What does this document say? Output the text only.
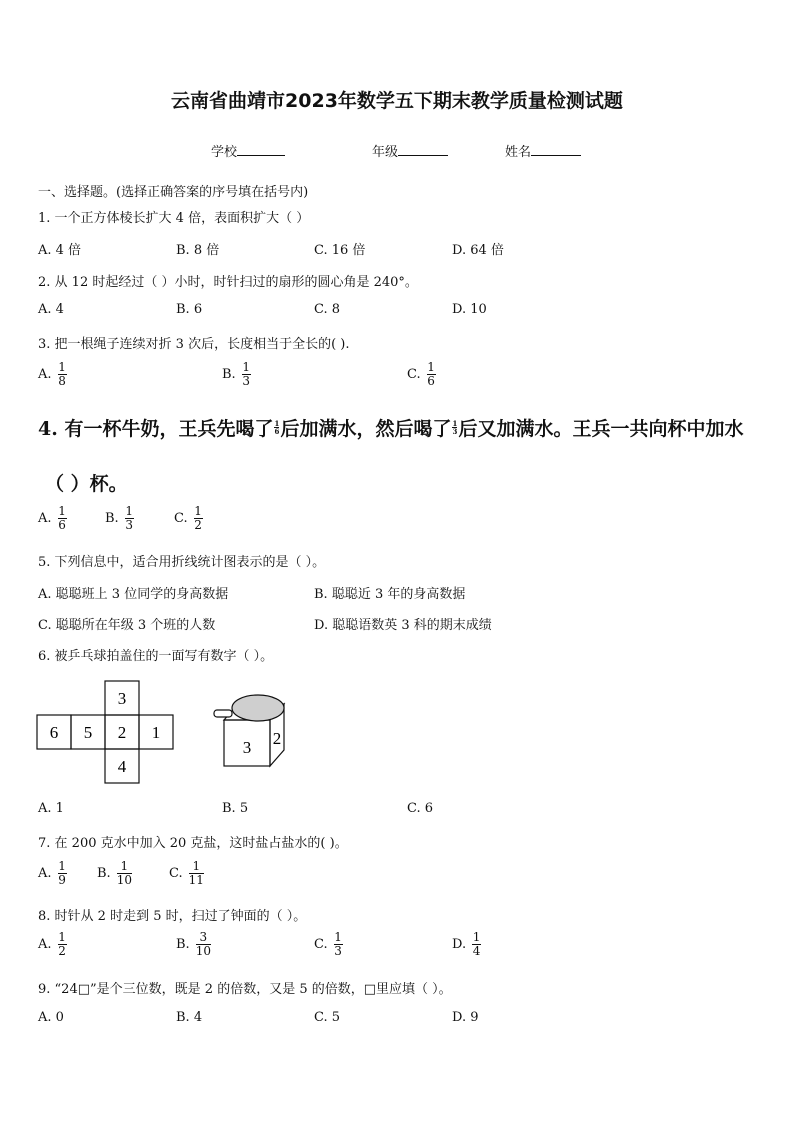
云南省曲靖市2023年数学五下期末教学质量检测试题
学校	年级	姓名
一、选择题。(选择正确答案的序号填在括号内)
1. 一个正方体棱长扩大 4 倍，表面积扩大（ ）
A. 4 倍	B. 8 倍	C. 16 倍	D. 64 倍
2. 从 12 时起经过（ ）小时，时针扫过的扇形的圆心角是 240°。
A. 4	B. 6	C. 8	D. 10
3. 把一根绳子连续对折 3 次后，长度相当于全长的( ).
A. $\frac{1}{8}$	B. $\frac{1}{3}$	C. $\frac{1}{6}$
4. 有一杯牛奶，王兵先喝了 $\frac{1}{6}$ 后加满水，然后喝了 $\frac{1}{3}$ 后又加满水。王兵一共向杯中加水
（ ）杯。
A. $\frac{1}{6}$	B. $\frac{1}{3}$	C. $\frac{1}{2}$
5. 下列信息中，适合用折线统计图表示的是（ ）。
A. 聪聪班上 3 位同学的身高数据	B. 聪聪近 3 年的身高数据
C. 聪聪所在年级 3 个班的人数	D. 聪聪语数英 3 科的期末成绩
6. 被乒乓球拍盖住的一面写有数字（ ）。
3
6 5 2 1
4
3 2
A. 1	B. 5	C. 6
7. 在 200 克水中加入 20 克盐，这时盐占盐水的( )。
A. $\frac{1}{9} B$. $\frac{1}{10}$	C. $\frac{1}{11}$
8. 时针从 2 时走到 5 时，扫过了钟面的（ ）。
A. $\frac{1}{2}$	B. $\frac{3}{10}$	C. $\frac{1}{3}$	D. $\frac{1}{4}$
9. “24□”是个三位数，既是 2 的倍数，又是 5 的倍数，□里应填（ ）。
A. 0	B. 4	C. 5	D. 9
